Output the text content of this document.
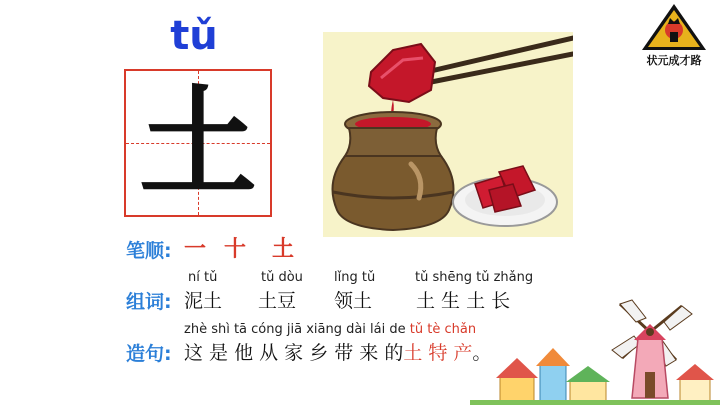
tǔ
土
状元成才路
笔顺: 一 十 土
组词:
ní tǔ
泥土
tǔ dòu
土豆
lǐng tǔ
领土
tǔ shēng tǔ zhǎng
土 生 土 长
造句:
zhè shì tā cóng jiā xiāng dài lái de tǔ tè chǎn
这 是 他 从 家 乡 带 来 的土 特 产。
